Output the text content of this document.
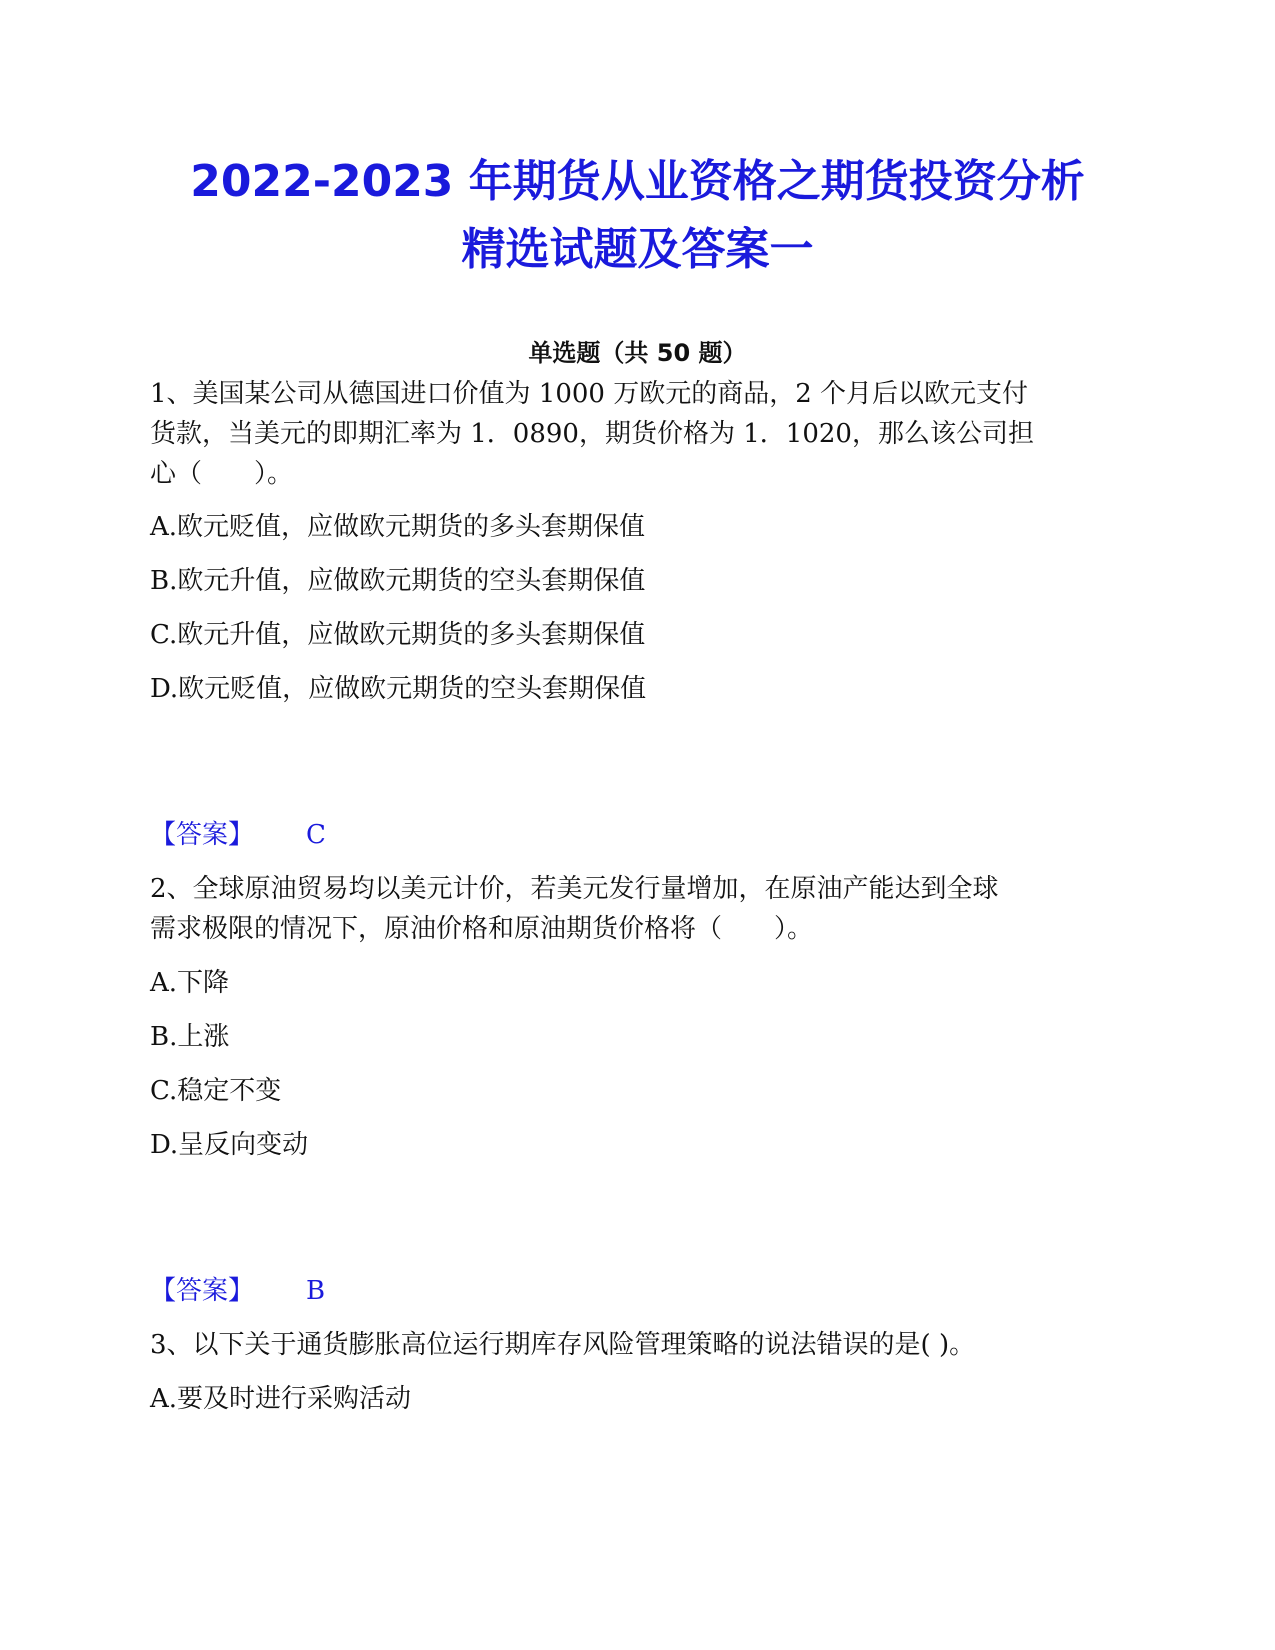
2022-2023 年期货从业资格之期货投资分析
精选试题及答案一
单选题（共 50 题）
1、美国某公司从德国进口价值为 1000 万欧元的商品，2 个月后以欧元支付
货款，当美元的即期汇率为 1．0890，期货价格为 1．1020，那么该公司担
心（　　）。
A.欧元贬值，应做欧元期货的多头套期保值
B.欧元升值，应做欧元期货的空头套期保值
C.欧元升值，应做欧元期货的多头套期保值
D.欧元贬值，应做欧元期货的空头套期保值
【答案】 C
2、全球原油贸易均以美元计价，若美元发行量增加，在原油产能达到全球
需求极限的情况下，原油价格和原油期货价格将（　　）。
A.下降
B.上涨
C.稳定不变
D.呈反向变动
【答案】 B
3、以下关于通货膨胀高位运行期库存风险管理策略的说法错误的是( )。
A.要及时进行采购活动
